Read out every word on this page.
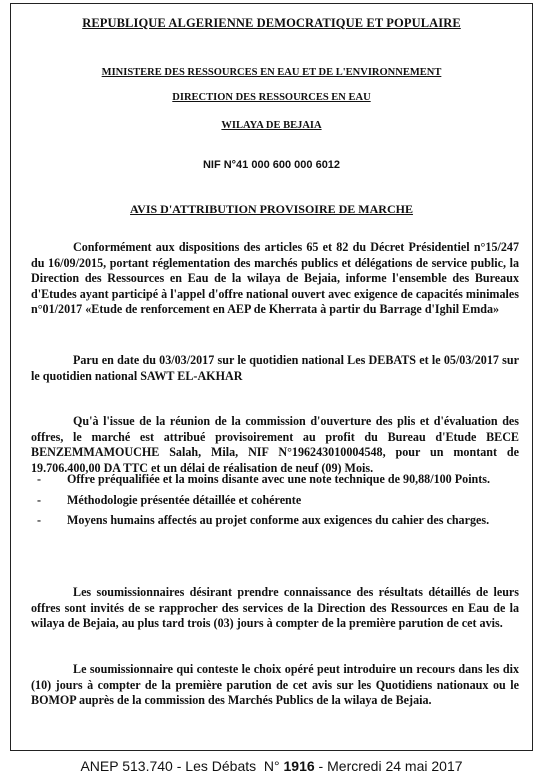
REPUBLIQUE ALGERIENNE DEMOCRATIQUE ET POPULAIRE
MINISTERE DES RESSOURCES EN EAU ET DE L'ENVIRONNEMENT
DIRECTION DES RESSOURCES EN EAU
WILAYA DE BEJAIA
NIF N°41 000 600 000 6012
AVIS D'ATTRIBUTION PROVISOIRE DE MARCHE

Conformément aux dispositions des articles 65 et 82 du Décret Présidentiel n°15/247 du 16/09/2015, portant réglementation des marchés publics et délégations de service public, la Direction des Ressources en Eau de la wilaya de Bejaia, informe l'ensemble des Bureaux d'Etudes ayant participé à l'appel d'offre national ouvert avec exigence de capacités minimales n°01/2017 «Etude de renforcement en AEP de Kherrata à partir du Barrage d'Ighil Emda»

Paru en date du 03/03/2017 sur le quotidien national Les DEBATS et le 05/03/2017 sur le quotidien national SAWT EL-AKHAR

Qu'à l'issue de la réunion de la commission d'ouverture des plis et d'évaluation des offres, le marché est attribué provisoirement au profit du Bureau d'Etude BECE BENZEMMAMOUCHE Salah, Mila, NIF N°196243010004548, pour un montant de 19.706.400,00 DA TTC et un délai de réalisation de neuf (09) Mois.

- Offre préqualifiée et la moins disante avec une note technique de 90,88/100 Points.
- Méthodologie présentée détaillée et cohérente
- Moyens humains affectés au projet conforme aux exigences du cahier des charges.

Les soumissionnaires désirant prendre connaissance des résultats détaillés de leurs offres sont invités de se rapprocher des services de la Direction des Ressources en Eau de la wilaya de Bejaia, au plus tard trois (03) jours à compter de la première parution de cet avis.

Le soumissionnaire qui conteste le choix opéré peut introduire un recours dans les dix (10) jours à compter de la première parution de cet avis sur les Quotidiens nationaux ou le BOMOP auprès de la commission des Marchés Publics de la wilaya de Bejaia.

ANEP 513.740 - Les Débats N° 1916 - Mercredi 24 mai 2017
